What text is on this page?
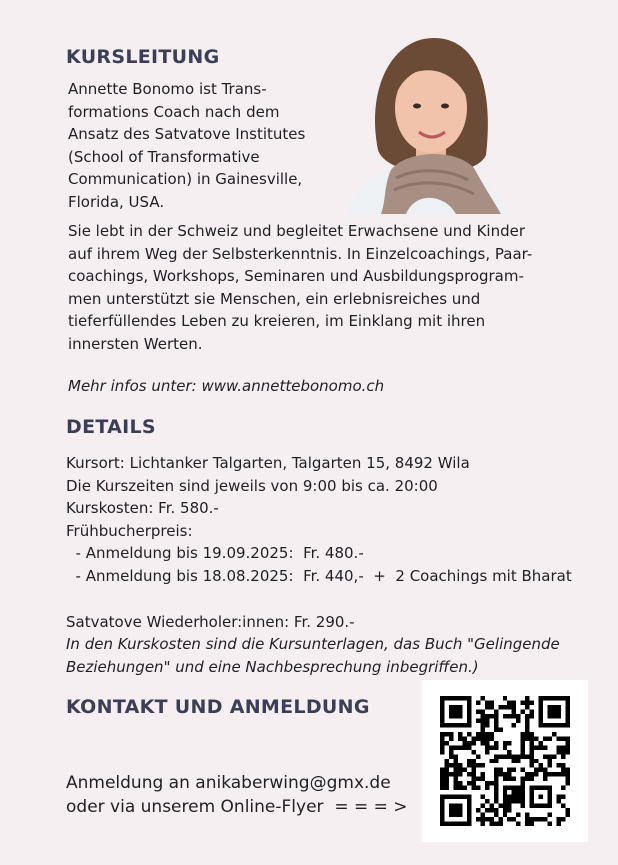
KURSLEITUNG

Annette Bonomo ist Trans-
formations Coach nach dem
Ansatz des Satvatove Institutes
(School of Transformative
Communication) in Gainesville,
Florida, USA.

Sie lebt in der Schweiz und begleitet Erwachsene und Kinder
auf ihrem Weg der Selbsterkenntnis. In Einzelcoachings, Paar-
coachings, Workshops, Seminaren und Ausbildungsprogram-
men unterstützt sie Menschen, ein erlebnisreiches und
tieferfüllendes Leben zu kreieren, im Einklang mit ihren
innersten Werten.

Mehr infos unter: www.annettebonomo.ch

DETAILS

Kursort: Lichtanker Talgarten, Talgarten 15, 8492 Wila
Die Kurszeiten sind jeweils von 9:00 bis ca. 20:00
Kurskosten: Fr. 580.-
Frühbucherpreis:
- Anmeldung bis 19.09.2025:  Fr. 480.-
- Anmeldung bis 18.08.2025:  Fr. 440,-  +  2 Coachings mit Bharat

Satvatove Wiederholer:innen: Fr. 290.-

In den Kurskosten sind die Kursunterlagen, das Buch "Gelingende
Beziehungen" und eine Nachbesprechung inbegriffen.)

KONTAKT UND ANMELDUNG

Anmeldung an anikaberwing@gmx.de
oder via unserem Online-Flyer  = = = >
